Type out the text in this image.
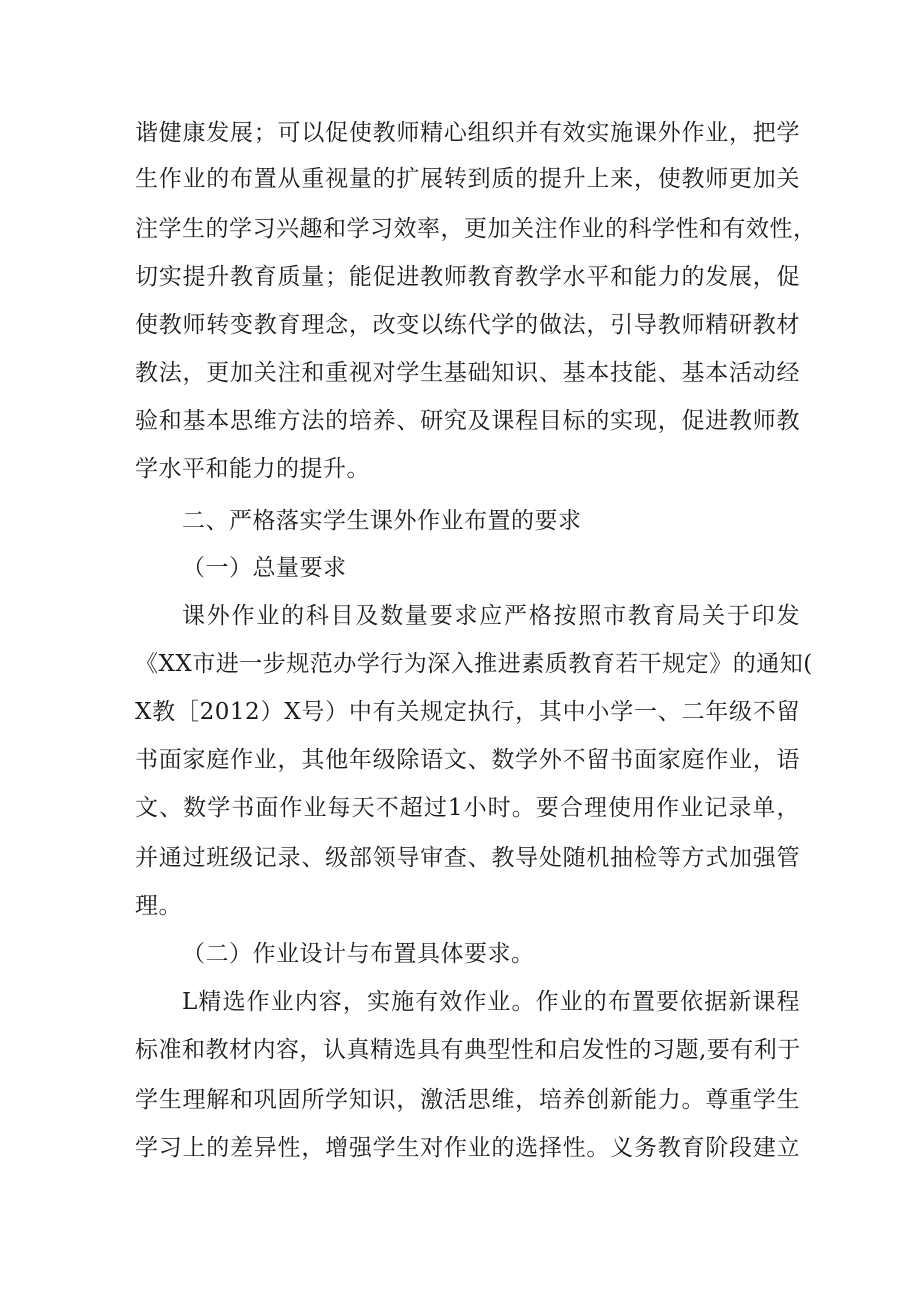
谐健康发展；可以促使教师精心组织并有效实施课外作业，把学
生作业的布置从重视量的扩展转到质的提升上来，使教师更加关
注学生的学习兴趣和学习效率，更加关注作业的科学性和有效性，
切实提升教育质量；能促进教师教育教学水平和能力的发展，促
使教师转变教育理念，改变以练代学的做法，引导教师精研教材
教法，更加关注和重视对学生基础知识、基本技能、基本活动经
验和基本思维方法的培养、研究及课程目标的实现，促进教师教
学水平和能力的提升。
二、严格落实学生课外作业布置的要求
（一）总量要求
课外作业的科目及数量要求应严格按照市教育局关于印发
《XX市进一步规范办学行为深入推进素质教育若干规定》的通知(
X教［2012）X号）中有关规定执行，其中小学一、二年级不留
书面家庭作业，其他年级除语文、数学外不留书面家庭作业，语
文、数学书面作业每天不超过1小时。要合理使用作业记录单，
并通过班级记录、级部领导审查、教导处随机抽检等方式加强管
理。
（二）作业设计与布置具体要求。
L精选作业内容，实施有效作业。作业的布置要依据新课程
标准和教材内容，认真精选具有典型性和启发性的习题,要有利于
学生理解和巩固所学知识，激活思维，培养创新能力。尊重学生
学习上的差异性，增强学生对作业的选择性。义务教育阶段建立
